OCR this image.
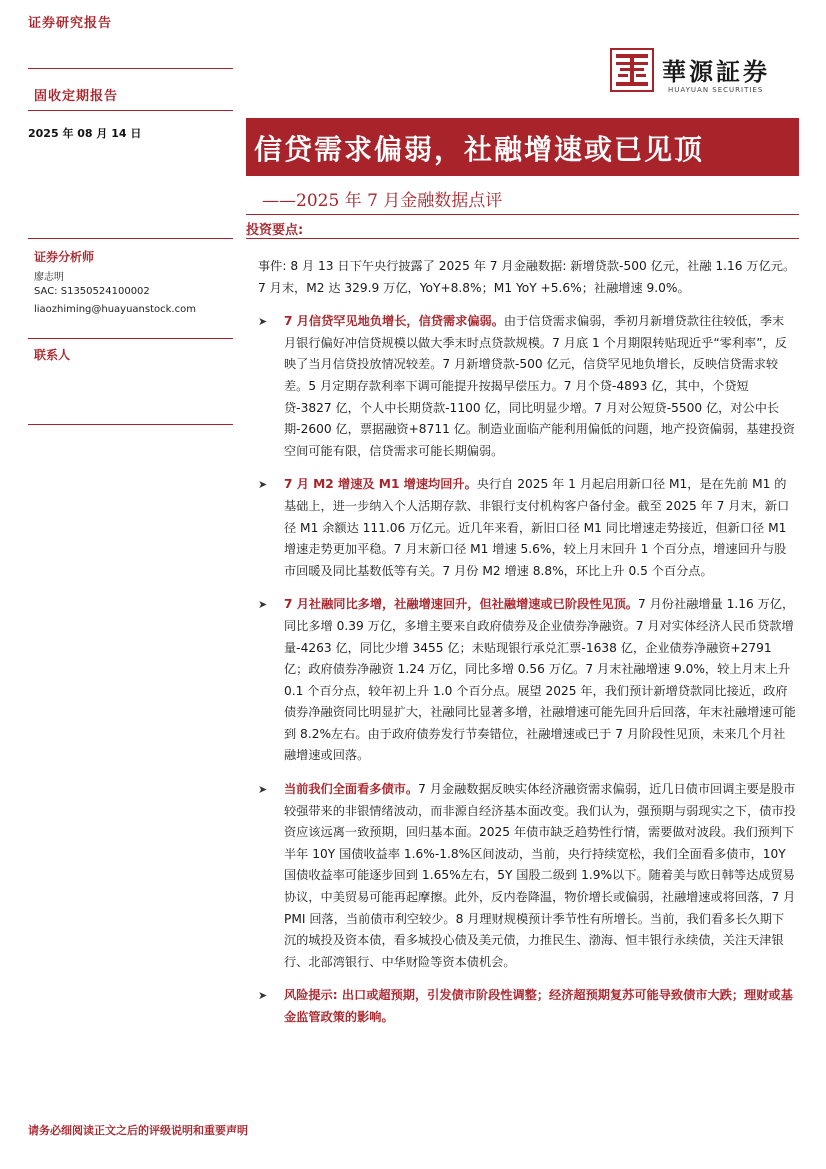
证券研究报告
華源証券
HUAYUAN SECURITIES
固收定期报告
2025 年 08 月 14 日	信贷需求偏弱，社融增速或已见顶
——2025 年 7 月金融数据点评
投资要点:
证券分析师
廖志明
SAC: S1350524100002
liaozhiming@huayuanstock.com
联系人

事件: 8 月 13 日下午央行披露了 2025 年 7 月金融数据: 新增贷款-500 亿元，社融 1.16 万亿元。7 月末，M2 达 329.9 万亿，YoY+8.8%；M1 YoY +5.6%；社融增速 9.0%。

➤ 7 月信贷罕见地负增长，信贷需求偏弱。由于信贷需求偏弱，季初月新增贷款往往较低，季末月银行偏好冲信贷规模以做大季末时点贷款规模。7 月底 1 个月期限转贴现近乎“零利率”，反映了当月信贷投放情况较差。7 月新增贷款-500 亿元，信贷罕见地负增长，反映信贷需求较差。5 月定期存款利率下调可能提升按揭早偿压力。7 月个贷-4893 亿，其中，个贷短贷-3827 亿，个人中长期贷款-1100 亿，同比明显少增。7 月对公短贷-5500 亿，对公中长期-2600 亿，票据融资+8711 亿。制造业面临产能利用偏低的问题，地产投资偏弱，基建投资空间可能有限，信贷需求可能长期偏弱。

➤ 7 月 M2 增速及 M1 增速均回升。央行自 2025 年 1 月起启用新口径 M1，是在先前 M1 的基础上，进一步纳入个人活期存款、非银行支付机构客户备付金。截至 2025 年 7 月末，新口径 M1 余额达 111.06 万亿元。近几年来看，新旧口径 M1 同比增速走势接近，但新口径 M1 增速走势更加平稳。7 月末新口径 M1 增速 5.6%，较上月末回升 1 个百分点，增速回升与股市回暖及同比基数低等有关。7 月份 M2 增速 8.8%，环比上升 0.5 个百分点。

➤ 7 月社融同比多增，社融增速回升，但社融增速或已阶段性见顶。7 月份社融增量 1.16 万亿，同比多增 0.39 万亿，多增主要来自政府债券及企业债券净融资。7 月对实体经济人民币贷款增量-4263 亿，同比少增 3455 亿；未贴现银行承兑汇票-1638 亿，企业债券净融资+2791 亿；政府债券净融资 1.24 万亿，同比多增 0.56 万亿。7 月末社融增速 9.0%，较上月末上升 0.1 个百分点，较年初上升 1.0 个百分点。展望 2025 年，我们预计新增贷款同比接近，政府债券净融资同比明显扩大，社融同比显著多增，社融增速可能先回升后回落，年末社融增速可能到 8.2%左右。由于政府债券发行节奏错位，社融增速或已于 7 月阶段性见顶，未来几个月社融增速或回落。

➤ 当前我们全面看多债市。7 月金融数据反映实体经济融资需求偏弱，近几日债市回调主要是股市较强带来的非银情绪波动，而非源自经济基本面改变。我们认为，强预期与弱现实之下，债市投资应该远离一致预期，回归基本面。2025 年债市缺乏趋势性行情，需要做对波段。我们预判下半年 10Y 国债收益率 1.6%-1.8%区间波动，当前，央行持续宽松，我们全面看多债市，10Y 国债收益率可能逐步回到 1.65%左右，5Y 国股二级到 1.9%以下。随着美与欧日韩等达成贸易协议，中美贸易可能再起摩擦。此外，反内卷降温，物价增长或偏弱，社融增速或将回落，7 月 PMI 回落，当前债市利空较少。8 月理财规模预计季节性有所增长。当前，我们看多长久期下沉的城投及资本债，看多城投心债及美元债，力推民生、渤海、恒丰银行永续债，关注天津银行、北部湾银行、中华财险等资本债机会。

➤ 风险提示: 出口或超预期，引发债市阶段性调整；经济超预期复苏可能导致债市大跌；理财或基金监管政策的影响。

请务必细阅读正文之后的评级说明和重要声明
